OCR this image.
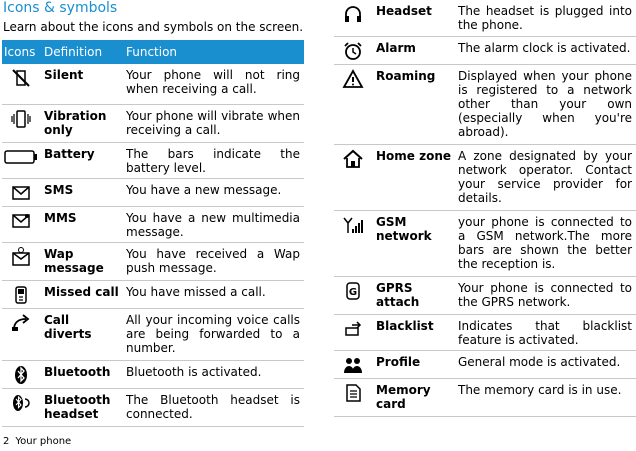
Icons & symbols
Learn about the icons and symbols on the screen.
Icons	Definition	Function
	Silent	Your phone will not ring when receiving a call.
	Vibration only	Your phone will vibrate when receiving a call.
	Battery	The bars indicate the battery level.
	SMS	You have a new message.
	MMS	You have a new multimedia message.
	Wap message	You have received a Wap push message.
	Missed call	You have missed a call.
	Call diverts	All your incoming voice calls are being forwarded to a number.
	Bluetooth	Bluetooth is activated.
	Bluetooth headset	The Bluetooth headset is connected.
	Headset	The headset is plugged into the phone.
	Alarm	The alarm clock is activated.
	Roaming	Displayed when your phone is registered to a network other than your own (especially when you're abroad).
	Home zone	A zone designated by your network operator. Contact your service provider for details.
	GSM network	your phone is connected to a GSM network.The more bars are shown the better the reception is.

G	GPRS attach	Your phone is connected to the GPRS network.
	Blacklist	Indicates that blacklist feature is activated.
	Profile	General mode is activated.
	Memory card	The memory card is in use.
2 Your phone
